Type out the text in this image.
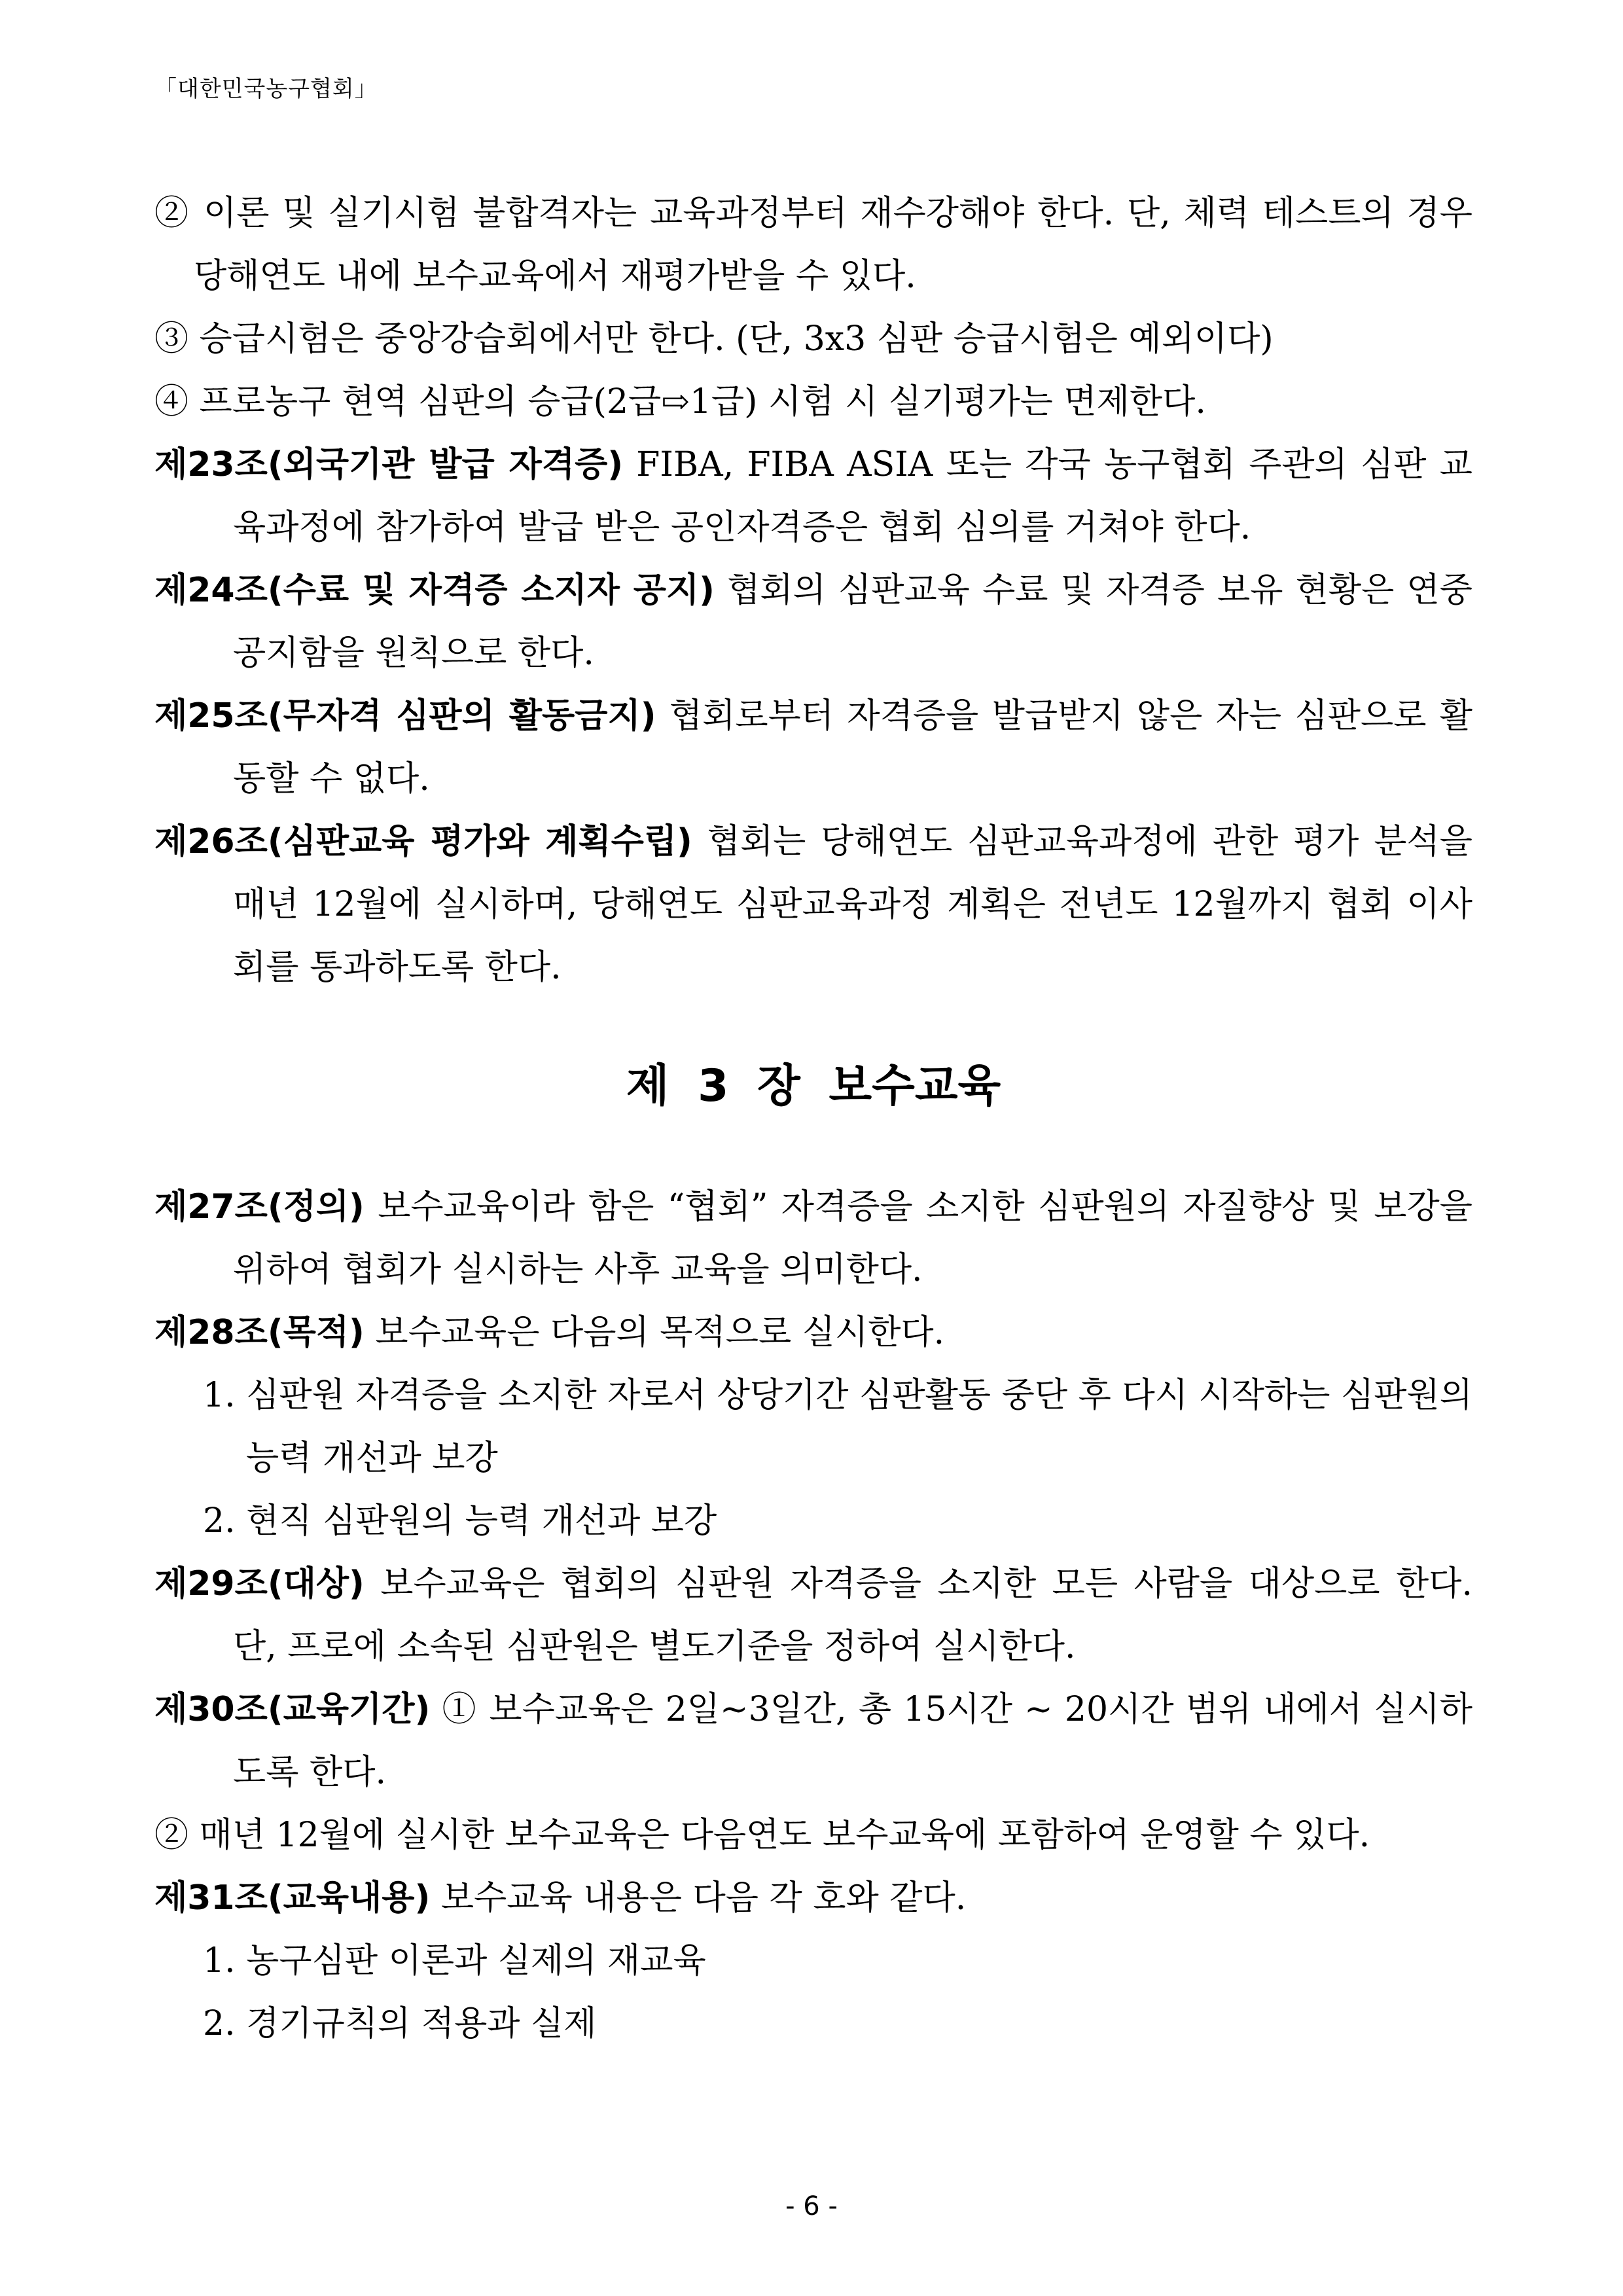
「대한민국농구협회」

② 이론 및 실기시험 불합격자는 교육과정부터 재수강해야 한다. 단, 체력 테스트의 경우 당해연도 내에 보수교육에서 재평가받을 수 있다.

③ 승급시험은 중앙강습회에서만 한다. (단, 3x3 심판 승급시험은 예외이다)

④ 프로농구 현역 심판의 승급(2급⇨1급) 시험 시 실기평가는 면제한다.

제23조(외국기관 발급 자격증) FIBA, FIBA ASIA 또는 각국 농구협회 주관의 심판 교육과정에 참가하여 발급 받은 공인자격증은 협회 심의를 거쳐야 한다.

제24조(수료 및 자격증 소지자 공지) 협회의 심판교육 수료 및 자격증 보유 현황은 연중 공지함을 원칙으로 한다.

제25조(무자격 심판의 활동금지) 협회로부터 자격증을 발급받지 않은 자는 심판으로 활동할 수 없다.

제26조(심판교육 평가와 계획수립) 협회는 당해연도 심판교육과정에 관한 평가 분석을 매년 12월에 실시하며, 당해연도 심판교육과정 계획은 전년도 12월까지 협회 이사회를 통과하도록 한다.

제 3 장 보수교육

제27조(정의) 보수교육이라 함은 “협회” 자격증을 소지한 심판원의 자질향상 및 보강을 위하여 협회가 실시하는 사후 교육을 의미한다.

제28조(목적) 보수교육은 다음의 목적으로 실시한다.

1. 심판원 자격증을 소지한 자로서 상당기간 심판활동 중단 후 다시 시작하는 심판원의 능력 개선과 보강

2. 현직 심판원의 능력 개선과 보강

제29조(대상) 보수교육은 협회의 심판원 자격증을 소지한 모든 사람을 대상으로 한다. 단, 프로에 소속된 심판원은 별도기준을 정하여 실시한다.

제30조(교육기간) ① 보수교육은 2일~3일간, 총 15시간 ~ 20시간 범위 내에서 실시하도록 한다.

② 매년 12월에 실시한 보수교육은 다음연도 보수교육에 포함하여 운영할 수 있다.

제31조(교육내용) 보수교육 내용은 다음 각 호와 같다.

1. 농구심판 이론과 실제의 재교육

2. 경기규칙의 적용과 실제

- 6 -
